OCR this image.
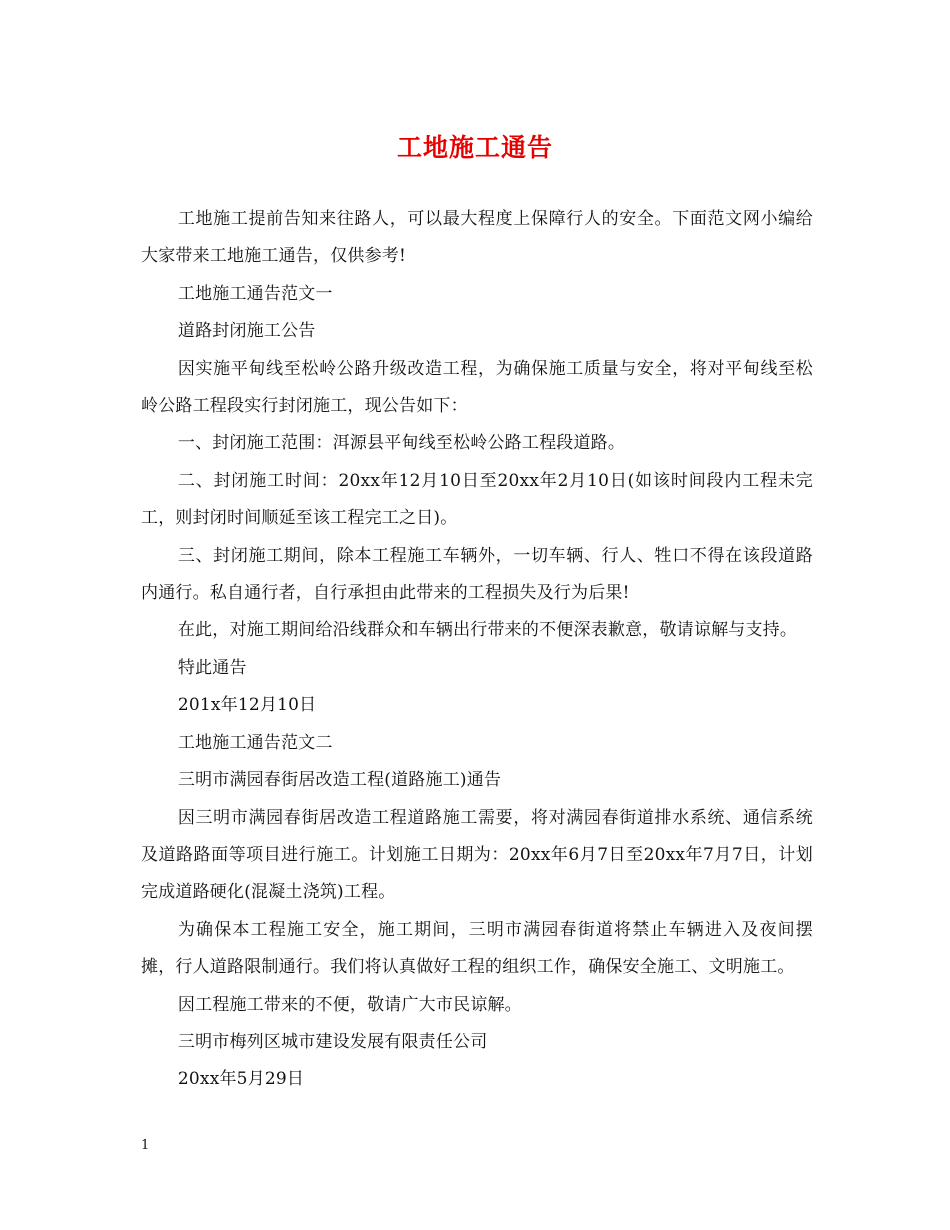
工地施工通告

工地施工提前告知来往路人，可以最大程度上保障行人的安全。下面范文网小编给大家带来工地施工通告，仅供参考!

工地施工通告范文一

道路封闭施工公告

因实施平甸线至松岭公路升级改造工程，为确保施工质量与安全，将对平甸线至松岭公路工程段实行封闭施工，现公告如下：

一、封闭施工范围：洱源县平甸线至松岭公路工程段道路。

二、封闭施工时间：20xx年12月10日至20xx年2月10日(如该时间段内工程未完工，则封闭时间顺延至该工程完工之日)。

三、封闭施工期间，除本工程施工车辆外，一切车辆、行人、牲口不得在该段道路内通行。私自通行者，自行承担由此带来的工程损失及行为后果!

在此，对施工期间给沿线群众和车辆出行带来的不便深表歉意，敬请谅解与支持。

特此通告

201x年12月10日

工地施工通告范文二

三明市满园春街居改造工程(道路施工)通告

因三明市满园春街居改造工程道路施工需要，将对满园春街道排水系统、通信系统及道路路面等项目进行施工。计划施工日期为：20xx年6月7日至20xx年7月7日，计划完成道路硬化(混凝土浇筑)工程。

为确保本工程施工安全，施工期间，三明市满园春街道将禁止车辆进入及夜间摆摊，行人道路限制通行。我们将认真做好工程的组织工作，确保安全施工、文明施工。

因工程施工带来的不便，敬请广大市民谅解。

三明市梅列区城市建设发展有限责任公司

20xx年5月29日

1
